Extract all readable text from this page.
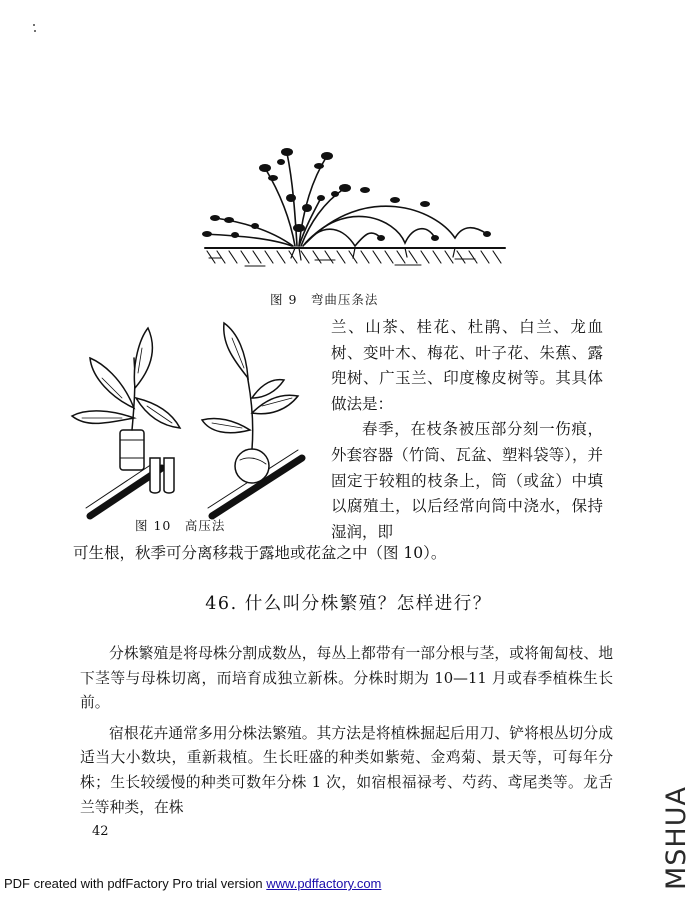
图 9　弯曲压条法
图 10　高压法

兰、山茶、桂花、杜鹃、白兰、龙血树、变叶木、梅花、叶子花、朱蕉、露兜树、广玉兰、印度橡皮树等。其具体做法是：

春季，在枝条被压部分刻一伤痕，外套容器（竹筒、瓦盆、塑料袋等），并固定于较粗的枝条上，筒（或盆）中填以腐殖土，以后经常向筒中浇水，保持湿润，即

可生根，秋季可分离移栽于露地或花盆之中（图 10）。
46. 什么叫分株繁殖？怎样进行？

分株繁殖是将母株分割成数丛，每丛上都带有一部分根与茎，或将匍匐枝、地下茎等与母株切离，而培育成独立新株。分株时期为 10—11 月或春季植株生长前。

宿根花卉通常多用分株法繁殖。其方法是将植株掘起后用刀、铲将根丛切分成适当大小数块，重新栽植。生长旺盛的种类如紫菀、金鸡菊、景天等，可每年分株；生长较缓慢的种类可数年分株 1 次，如宿根福禄考、芍药、鸢尾类等。龙舌兰等种类，在株

42
PDF created with pdfFactory Pro trial version www.pdffactory.com	MSHUA
